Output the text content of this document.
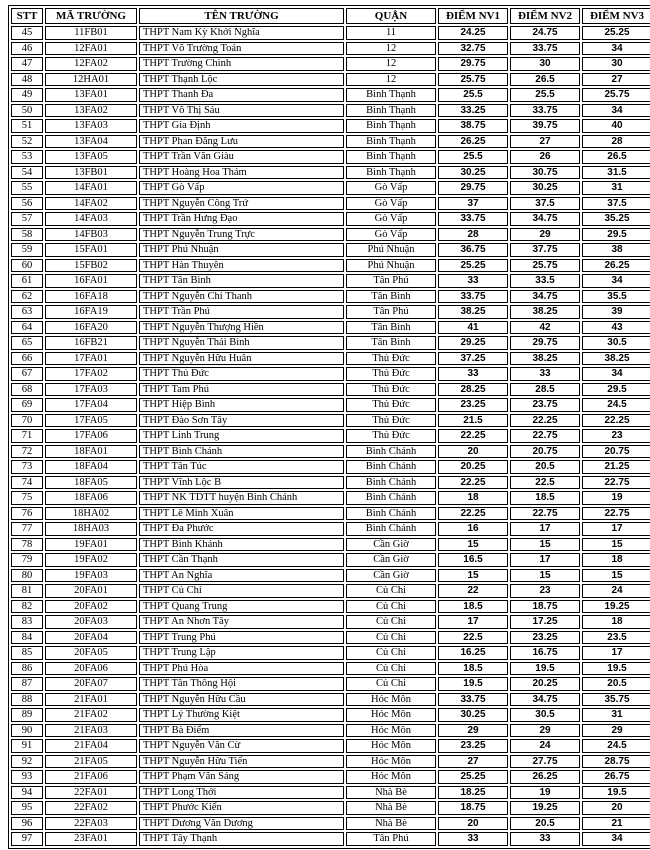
STT	MÃ TRƯỜNG	TÊN TRƯỜNG	QUẬN	ĐIỂM NV1	ĐIỂM NV2	ĐIỂM NV3
45	11FB01	THPT Nam Kỳ Khởi Nghĩa	11	24.25	24.75	25.25
46	12FA01	THPT Võ Trường Toản	12	32.75	33.75	34
47	12FA02	THPT Trường Chinh	12	29.75	30	30
48	12HA01	THPT Thạnh Lộc	12	25.75	26.5	27
49	13FA01	THPT Thanh Đa	Bình Thạnh	25.5	25.5	25.75
50	13FA02	THPT Võ Thị Sáu	Bình Thạnh	33.25	33.75	34
51	13FA03	THPT Gia Định	Bình Thạnh	38.75	39.75	40
52	13FA04	THPT Phan Đăng Lưu	Bình Thạnh	26.25	27	28
53	13FA05	THPT Trần Văn Giàu	Bình Thạnh	25.5	26	26.5
54	13FB01	THPT Hoàng Hoa Thám	Bình Thạnh	30.25	30.75	31.5
55	14FA01	THPT Gò Vấp	Gò Vấp	29.75	30.25	31
56	14FA02	THPT Nguyễn Công Trứ	Gò Vấp	37	37.5	37.5
57	14FA03	THPT Trần Hưng Đạo	Gò Vấp	33.75	34.75	35.25
58	14FB03	THPT Nguyễn Trung Trực	Gò Vấp	28	29	29.5
59	15FA01	THPT Phú Nhuận	Phú Nhuận	36.75	37.75	38
60	15FB02	THPT Hàn Thuyên	Phú Nhuận	25.25	25.75	26.25
61	16FA01	THPT Tân Bình	Tân Phú	33	33.5	34
62	16FA18	THPT Nguyễn Chí Thanh	Tân Bình	33.75	34.75	35.5
63	16FA19	THPT Trần Phú	Tân Phú	38.25	38.25	39
64	16FA20	THPT Nguyễn Thượng Hiền	Tân Bình	41	42	43
65	16FB21	THPT Nguyễn Thái Bình	Tân Bình	29.25	29.75	30.5
66	17FA01	THPT Nguyễn Hữu Huân	Thủ Đức	37.25	38.25	38.25
67	17FA02	THPT Thủ Đức	Thủ Đức	33	33	34
68	17FA03	THPT Tam Phú	Thủ Đức	28.25	28.5	29.5
69	17FA04	THPT Hiệp Bình	Thủ Đức	23.25	23.75	24.5
70	17FA05	THPT Đào Sơn Tây	Thủ Đức	21.5	22.25	22.25
71	17FA06	THPT Linh Trung	Thủ Đức	22.25	22.75	23
72	18FA01	THPT Bình Chánh	Bình Chánh	20	20.75	20.75
73	18FA04	THPT Tân Túc	Bình Chánh	20.25	20.5	21.25
74	18FA05	THPT Vĩnh Lộc B	Bình Chánh	22.25	22.5	22.75
75	18FA06	THPT NK TDTT huyện Bình Chánh	Bình Chánh	18	18.5	19
76	18HA02	THPT Lê Minh Xuân	Bình Chánh	22.25	22.75	22.75
77	18HA03	THPT Đa Phước	Bình Chánh	16	17	17
78	19FA01	THPT Bình Khánh	Cần Giờ	15	15	15
79	19FA02	THPT Cần Thạnh	Cần Giờ	16.5	17	18
80	19FA03	THPT An Nghĩa	Cần Giờ	15	15	15
81	20FA01	THPT Củ Chi	Củ Chi	22	23	24
82	20FA02	THPT Quang Trung	Củ Chi	18.5	18.75	19.25
83	20FA03	THPT An Nhơn Tây	Củ Chi	17	17.25	18
84	20FA04	THPT Trung Phú	Củ Chi	22.5	23.25	23.5
85	20FA05	THPT Trung Lập	Củ Chi	16.25	16.75	17
86	20FA06	THPT Phú Hòa	Củ Chi	18.5	19.5	19.5
87	20FA07	THPT Tân Thông Hội	Củ Chi	19.5	20.25	20.5
88	21FA01	THPT Nguyễn Hữu Cầu	Hóc Môn	33.75	34.75	35.75
89	21FA02	THPT Lý Thường Kiệt	Hóc Môn	30.25	30.5	31
90	21FA03	THPT Bà Điểm	Hóc Môn	29	29	29
91	21FA04	THPT Nguyễn Văn Cừ	Hóc Môn	23.25	24	24.5
92	21FA05	THPT Nguyễn Hữu Tiến	Hóc Môn	27	27.75	28.75
93	21FA06	THPT Phạm Văn Sáng	Hóc Môn	25.25	26.25	26.75
94	22FA01	THPT Long Thới	Nhà Bè	18.25	19	19.5
95	22FA02	THPT Phước Kiển	Nhà Bè	18.75	19.25	20
96	22FA03	THPT Dương Văn Dương	Nhà Bè	20	20.5	21
97	23FA01	THPT Tây Thạnh	Tân Phú	33	33	34
